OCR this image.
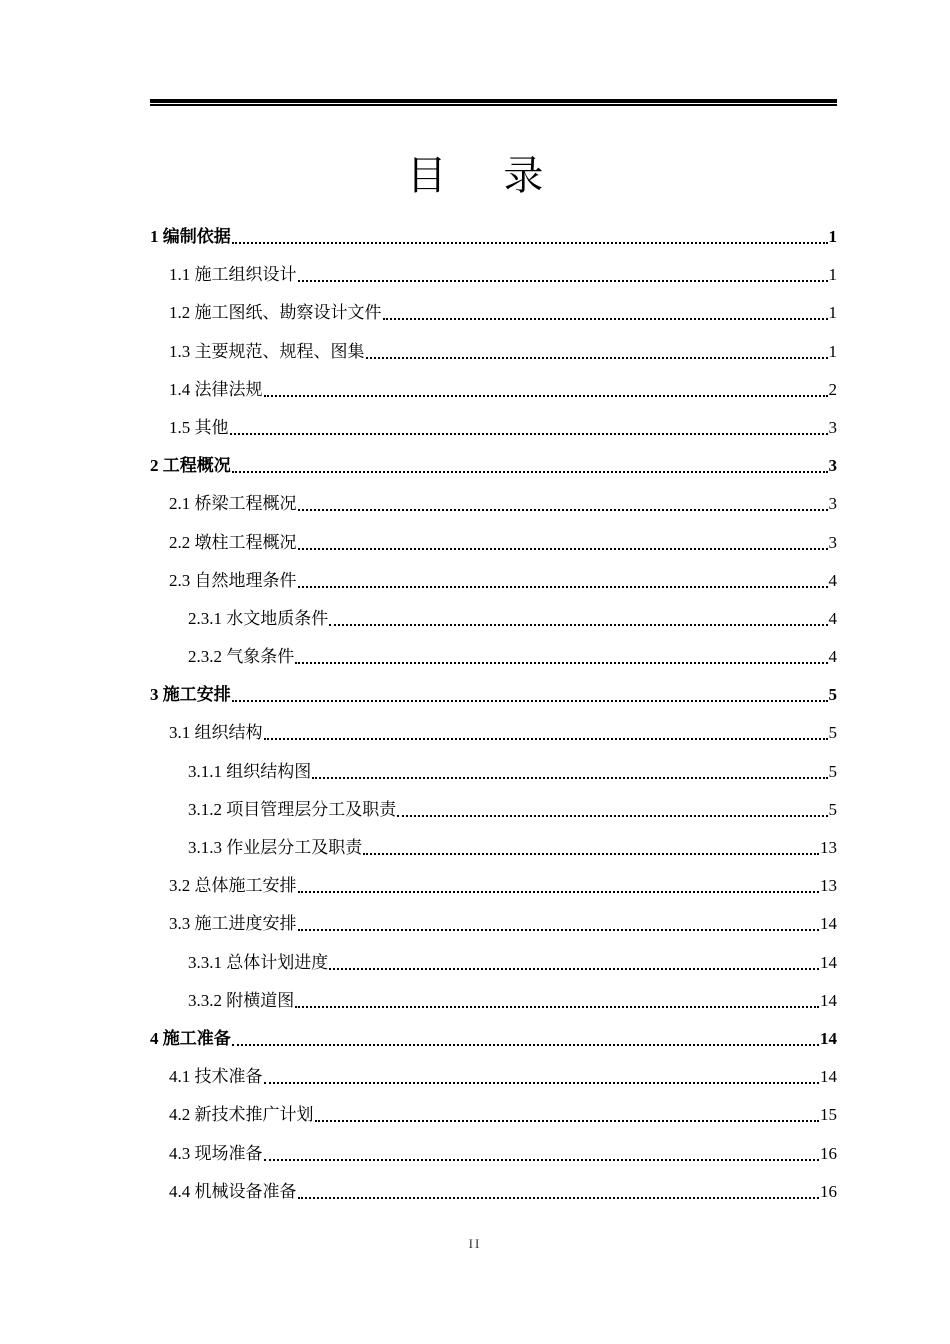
目 录
1 编制依据	1
1.1 施工组织设计	1
1.2 施工图纸、勘察设计文件	1
1.3 主要规范、规程、图集	1
1.4 法律法规	2
1.5 其他	3
2 工程概况	3
2.1 桥梁工程概况	3
2.2 墩柱工程概况	3
2.3 自然地理条件	4
2.3.1 水文地质条件	4
2.3.2 气象条件	4
3 施工安排	5
3.1 组织结构	5
3.1.1 组织结构图	5
3.1.2 项目管理层分工及职责	5
3.1.3 作业层分工及职责	13
3.2 总体施工安排	13
3.3 施工进度安排	14
3.3.1 总体计划进度	14
3.3.2 附横道图	14
4 施工准备	14
4.1 技术准备	14
4.2 新技术推广计划	15
4.3 现场准备	16
4.4 机械设备准备	16
II
